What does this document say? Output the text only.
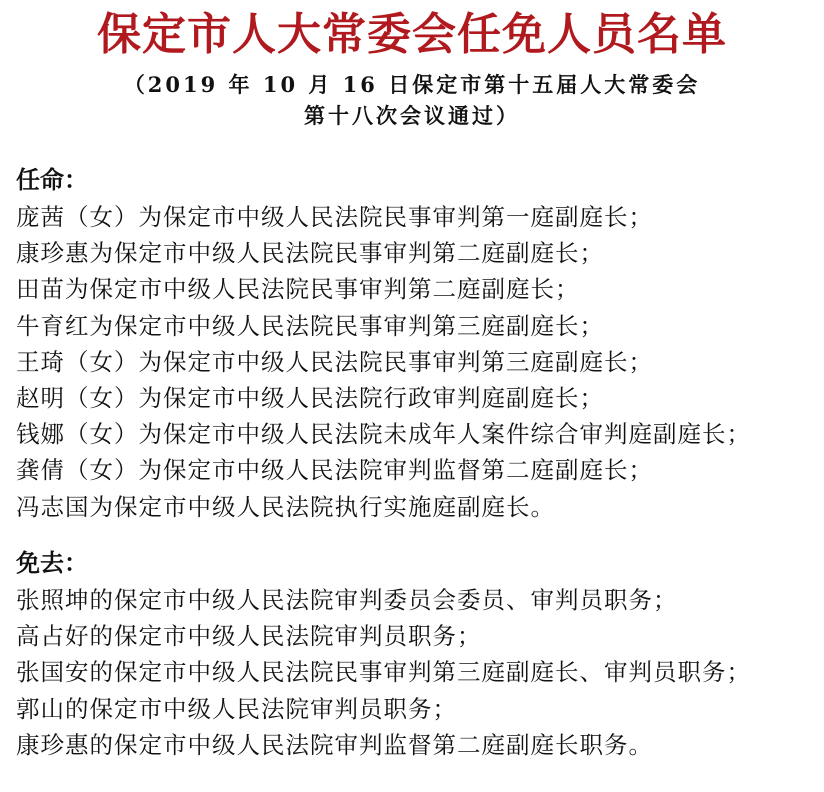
保定市人大常委会任免人员名单
（2019 年 10 月 16 日保定市第十五届人大常委会
第十八次会议通过）
任命：
庞茜（女）为保定市中级人民法院民事审判第一庭副庭长；
康珍惠为保定市中级人民法院民事审判第二庭副庭长；
田苗为保定市中级人民法院民事审判第二庭副庭长；
牛育红为保定市中级人民法院民事审判第三庭副庭长；
王琦（女）为保定市中级人民法院民事审判第三庭副庭长；
赵明（女）为保定市中级人民法院行政审判庭副庭长；
钱娜（女）为保定市中级人民法院未成年人案件综合审判庭副庭长；
龚倩（女）为保定市中级人民法院审判监督第二庭副庭长；
冯志国为保定市中级人民法院执行实施庭副庭长。
免去：
张照坤的保定市中级人民法院审判委员会委员、审判员职务；
高占好的保定市中级人民法院审判员职务；
张国安的保定市中级人民法院民事审判第三庭副庭长、审判员职务；
郭山的保定市中级人民法院审判员职务；
康珍惠的保定市中级人民法院审判监督第二庭副庭长职务。
